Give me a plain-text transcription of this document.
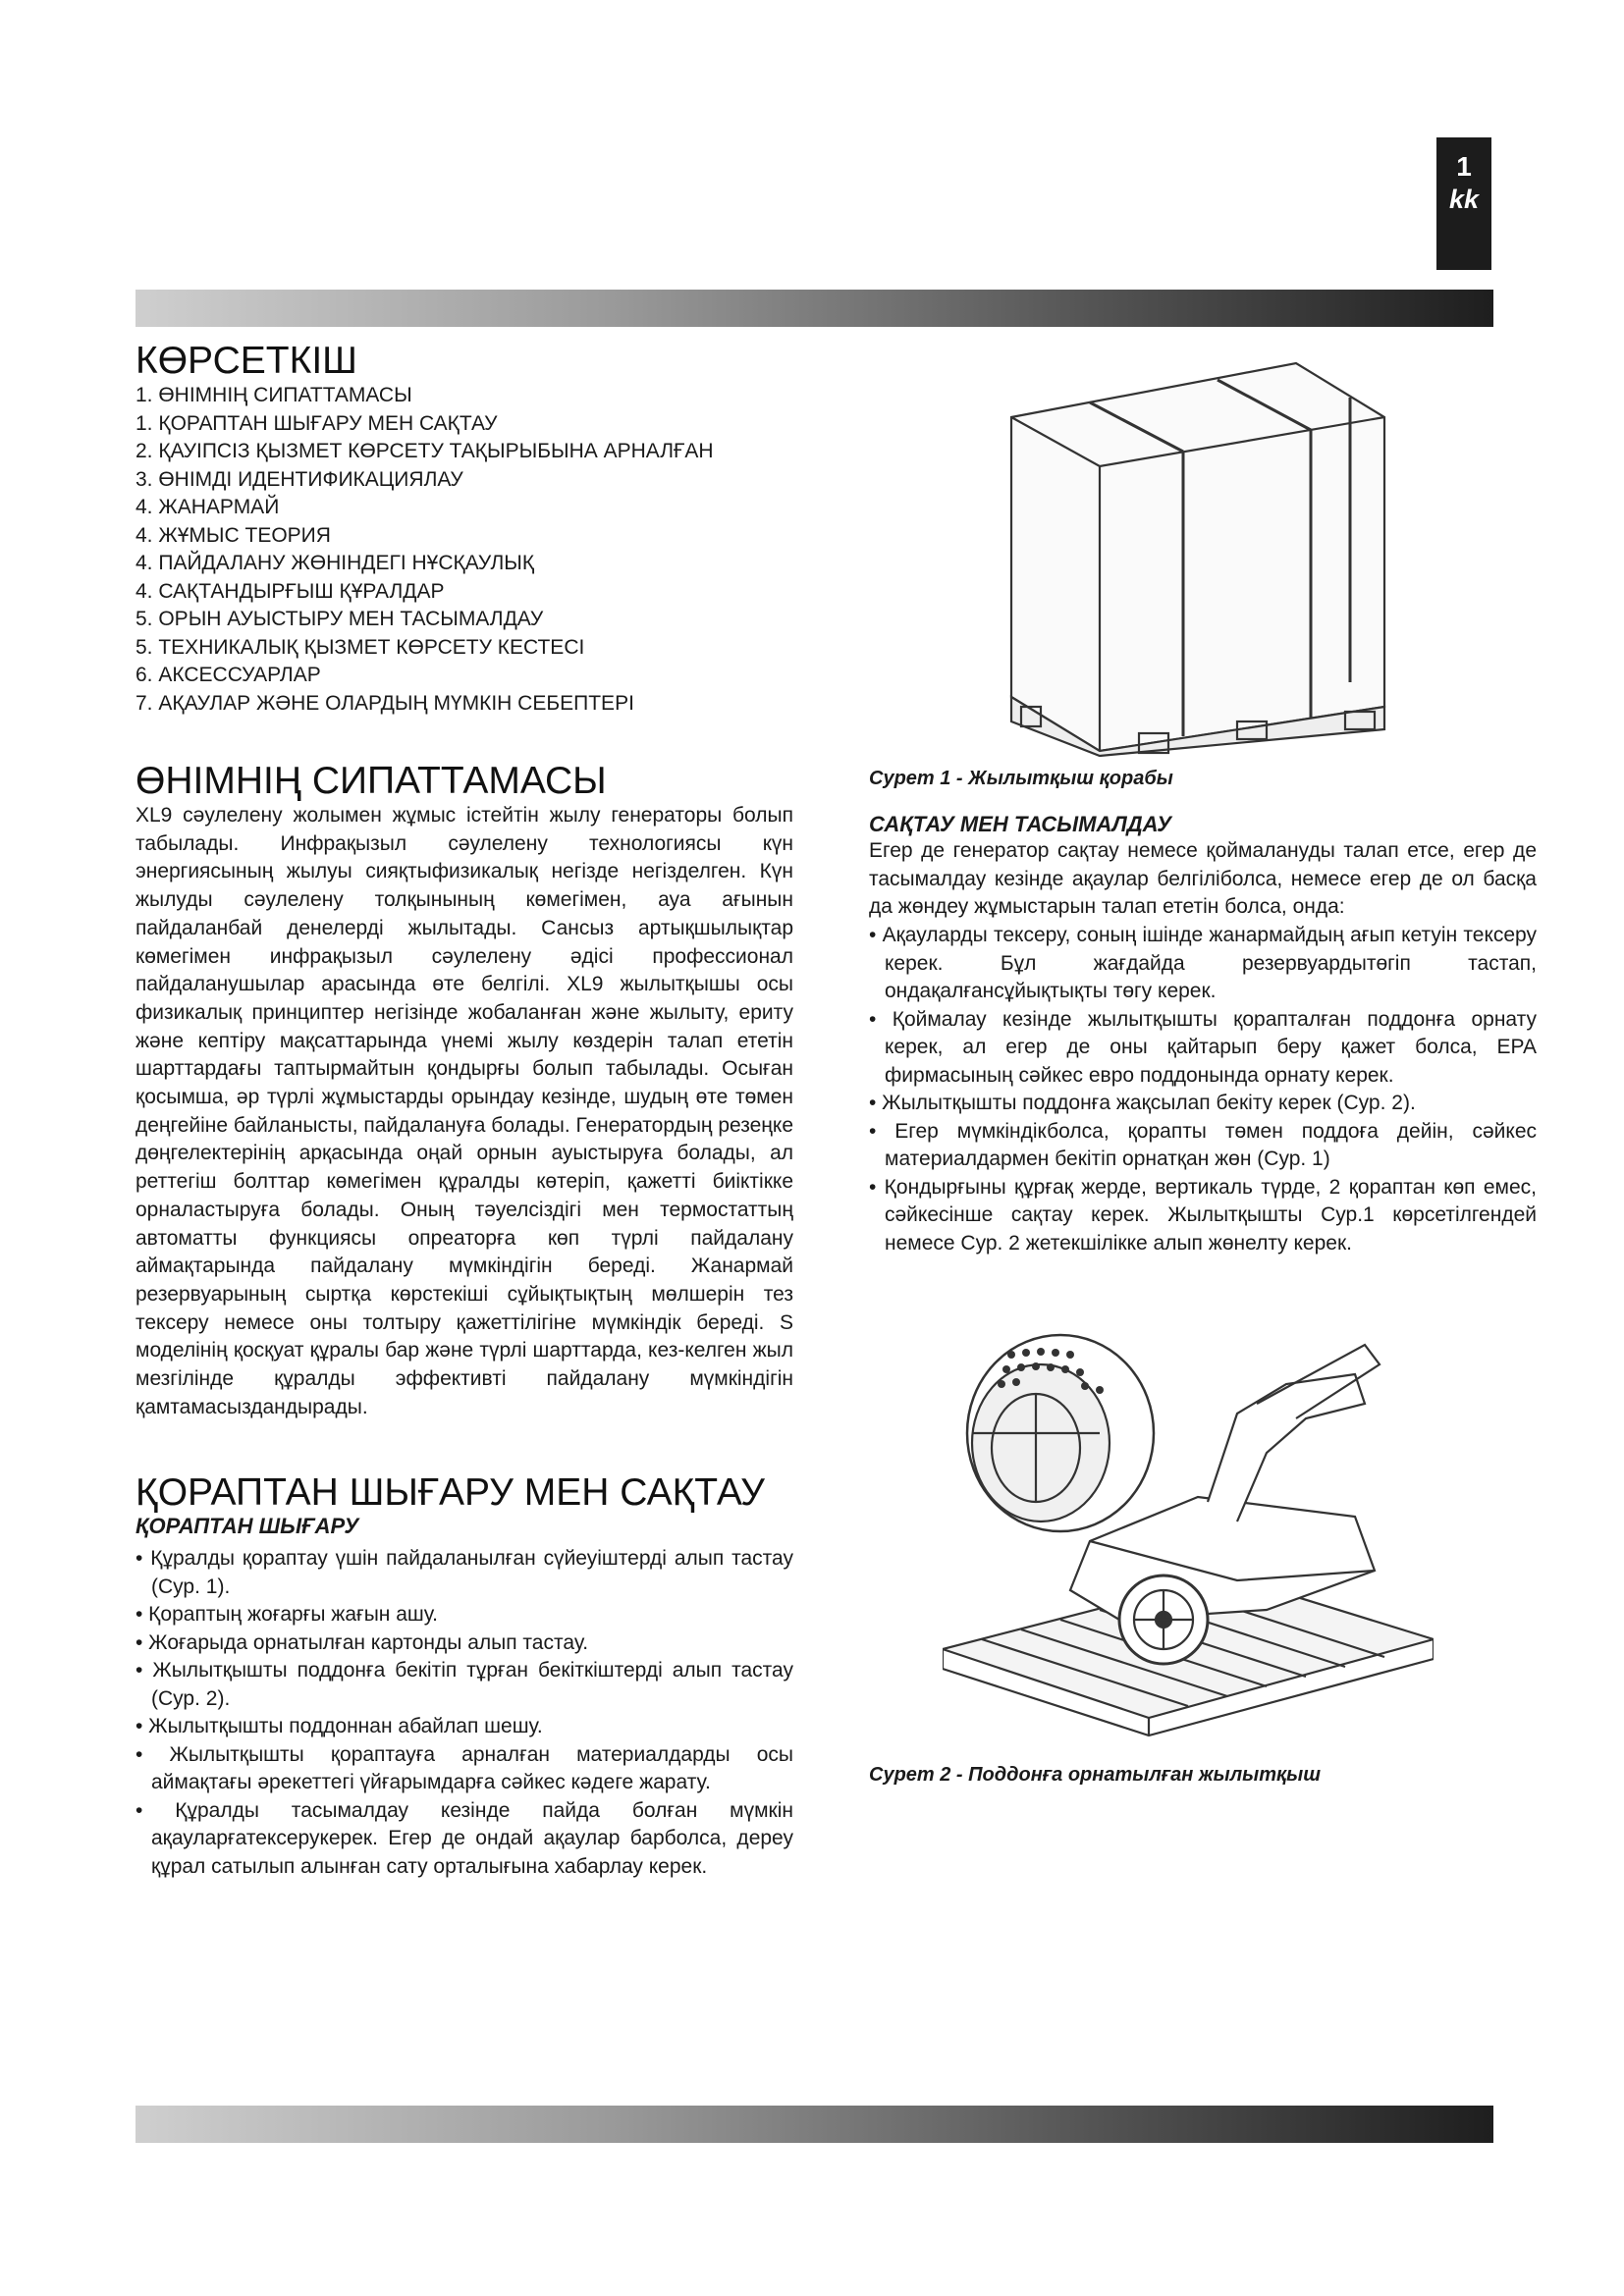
1
kk
КӨРСЕТКІШ
1. ӨНІМНІҢ СИПАТТАМАСЫ
1. ҚОРАПТАН ШЫҒАРУ МЕН САҚТАУ
2. ҚАУІПСІЗ ҚЫЗМЕТ КӨРСЕТУ ТАҚЫРЫБЫНА АРНАЛҒАН
3. ӨНІМДІ ИДЕНТИФИКАЦИЯЛАУ
4. ЖАНАРМАЙ
4. ЖҰМЫС ТЕОРИЯ
4. ПАЙДАЛАНУ ЖӨНІНДЕГІ НҰСҚАУЛЫҚ
4. САҚТАНДЫРҒЫШ ҚҰРАЛДАР
5. ОРЫН АУЫСТЫРУ МЕН ТАСЫМАЛДАУ
5. ТЕХНИКАЛЫҚ ҚЫЗМЕТ КӨРСЕТУ КЕСТЕСІ
6. АКСЕССУАРЛАР
7. АҚАУЛАР ЖӘНЕ ОЛАРДЫҢ МҮМКІН СЕБЕПТЕРІ
ӨНІМНІҢ СИПАТТАМАСЫ

XL9 сәулелену жолымен жұмыс істейтін жылу генераторы болып табылады. Инфрақызыл сәулелену технологиясы күн энергиясының жылуы сияқтыфизикалық негізде негізделген. Күн жылуды сәулелену толқынының көмегімен, ауа ағынын пайдаланбай денелерді жылытады. Сансыз артықшылықтар көмегімен инфрақызыл сәулелену әдісі профессионал пайдаланушылар арасында өте белгілі. XL9 жылытқышы осы физикалық принциптер негізінде жобаланған және жылыту, ериту және кептіру мақсаттарында үнемі жылу көздерін талап ететін шарттардағы таптырмайтын қондырғы болып табылады. Осыған қосымша, әр түрлі жұмыстарды орындау кезінде, шудың өте төмен деңгейіне байланысты, пайдалануға болады. Генератордың резеңке дөңгелектерінің арқасында оңай орнын ауыстыруға болады, ал реттегіш болттар көмегімен құралды көтеріп, қажетті биіктікке орналастыруға болады. Оның тәуелсіздігі мен термостаттың автоматты функциясы опреаторға көп түрлі пайдалану аймақтарында пайдалану мүмкіндігін береді. Жанармай резервуарының сыртқа көрстекіші сұйықтықтың мөлшерін тез тексеру немесе оны толтыру қажеттілігіне мүмкіндік береді. S моделінің қосқуат құралы бар және түрлі шарттарда, кез-келген жыл мезгілінде құралды эффективті пайдалану мүмкіндігін қамтамасыздандырады.

ҚОРАПТАН ШЫҒАРУ МЕН САҚТАУ

ҚОРАПТАН ШЫҒАРУ

• Құралды қораптау үшін пайдаланылған сүйеуіштерді алып тастау (Сур. 1).
• Қораптың жоғарғы жағын ашу.
• Жоғарыда орнатылған картонды алып тастау.
• Жылытқышты поддонға бекітіп тұрған бекіткіштерді алып тастау (Сур. 2).
• Жылытқышты поддоннан абайлап шешу.
• Жылытқышты қораптауға арналған материалдарды осы аймақтағы әрекеттегі үйғарымдарға сәйкес кәдеге жарату.
• Құралды тасымалдау кезінде пайда болған мүмкін ақауларғатексерукерек. Егер де ондай ақаулар барболса, дереу құрал сатылып алынған сату орталығына хабарлау керек.
Сурет 1 - Жылытқыш қорабы

САҚТАУ МЕН ТАСЫМАЛДАУ

Егер де генератор сақтау немесе қоймалануды талап етсе, егер де тасымалдау кезінде ақаулар белгіліболса, немесе егер де ол басқа да жөндеу жұмыстарын талап ететін болса, онда:

• Ақауларды тексеру, соның ішінде жанармайдың ағып кетуін тексеру керек. Бұл жағдайда резервуардытөгіп тастап, ондақалғансұйықтықты төгу керек.
• Қоймалау кезінде жылытқышты қорапталған поддонға орнату керек, ал егер де оны қайтарып беру қажет болса, EPA фирмасының сәйкес евро поддонында орнату керек.
• Жылытқышты поддонға жақсылап бекіту керек (Сур. 2).
• Егер мүмкіндікболса, қорапты төмен поддоға дейін, сәйкес материалдармен бекітіп орнатқан жөн (Сур. 1)
• Қондырғыны құрғақ жерде, вертикаль түрде, 2 қораптан көп емес, сәйкесінше сақтау керек. Жылытқышты Сур.1 көрсетілгендей немесе Сур. 2 жетекшілікке алып жөнелту керек.
Сурет 2 - Поддонға орнатылған жылытқыш
